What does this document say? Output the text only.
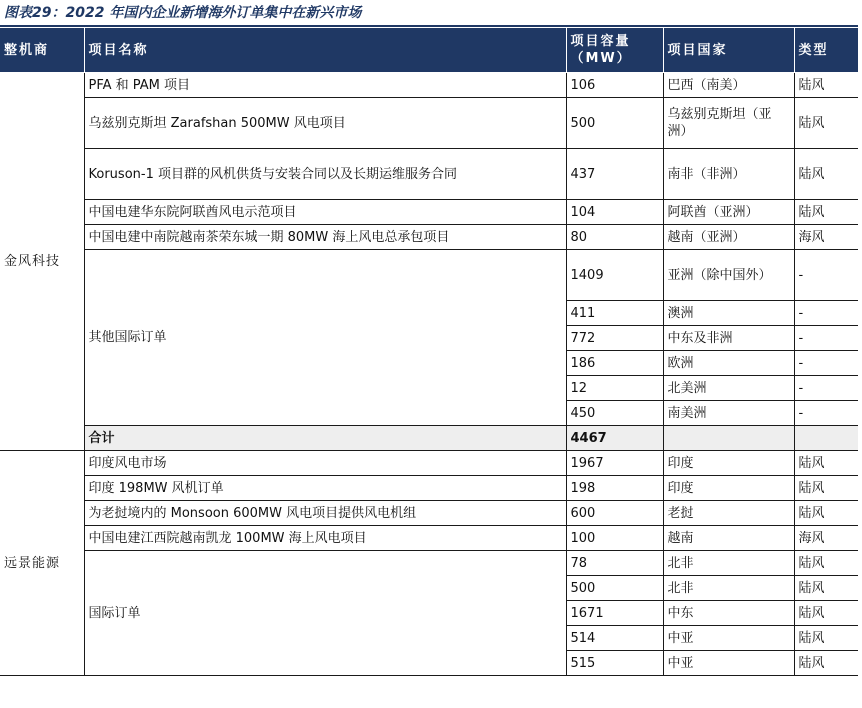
图表29：2022 年国内企业新增海外订单集中在新兴市场
整机商	项目名称	项目容量（MW）	项目国家	类型
金风科技	PFA 和 PAM 项目	106	巴西（南美）	陆风
	乌兹别克斯坦 Zarafshan 500MW 风电项目	500	乌兹别克斯坦（亚洲）	陆风
	Koruson-1 项目群的风机供货与安装合同以及长期运维服务合同	437	南非（非洲）	陆风
	中国电建华东院阿联酋风电示范项目	104	阿联酋（亚洲）	陆风
	中国电建中南院越南茶荣东城一期 80MW 海上风电总承包项目	80	越南（亚洲）	海风
	其他国际订单	1409	亚洲（除中国外）	-
		411	澳洲	-
		772	中东及非洲	-
		186	欧洲	-
		12	北美洲	-
		450	南美洲	-
	合计	4467		
远景能源	印度风电市场	1967	印度	陆风
	印度 198MW 风机订单	198	印度	陆风
	为老挝境内的 Monsoon 600MW 风电项目提供风电机组	600	老挝	陆风
	中国电建江西院越南凯龙 100MW 海上风电项目	100	越南	海风
	国际订单	78	北非	陆风
		500	北非	陆风
		1671	中东	陆风
		514	中亚	陆风
		515	中亚	陆风
